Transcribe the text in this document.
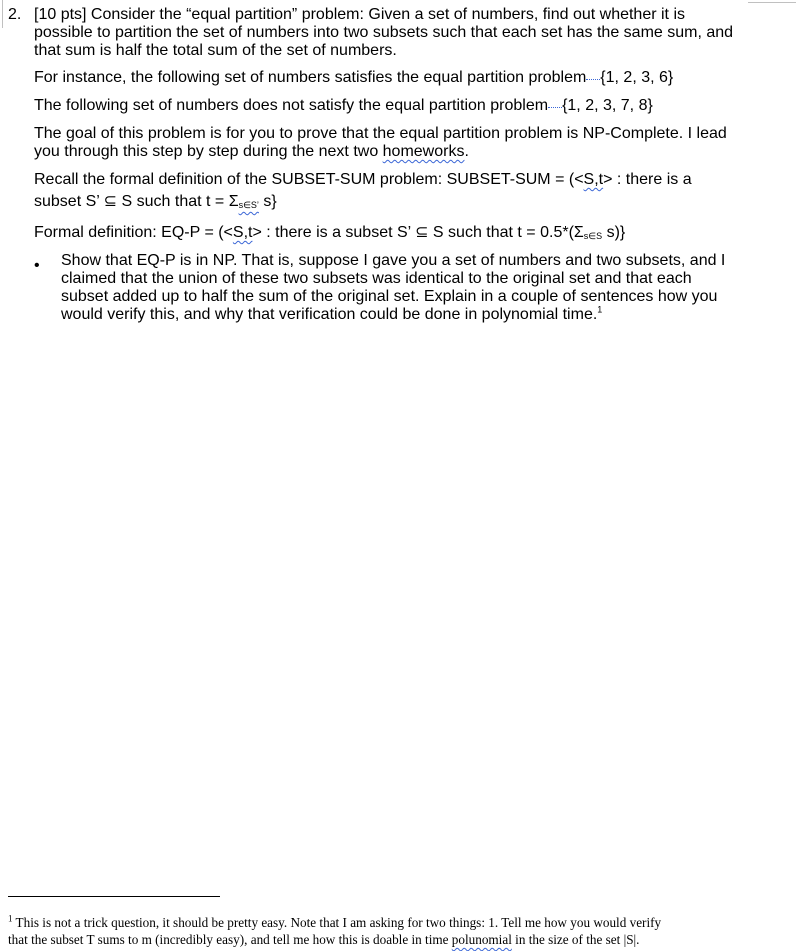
2. [10 pts] Consider the “equal partition” problem: Given a set of numbers, find out whether it is
possible to partition the set of numbers into two subsets such that each set has the same sum, and
that sum is half the total sum of the set of numbers.
For instance, the following set of numbers satisfies the equal partition problem {1, 2, 3, 6}
The following set of numbers does not satisfy the equal partition problem {1, 2, 3, 7, 8}
The goal of this problem is for you to prove that the equal partition problem is NP-Complete. I lead
you through this step by step during the next two homeworks.
Recall the formal definition of the SUBSET-SUM problem: SUBSET-SUM = (<S,t> : there is a
subset S’ ⊆ S such that t = Σs∈S’ s}
Formal definition: EQ-P = (<S,t> : there is a subset S’ ⊆ S such that t = 0.5*(Σs∈S s)}
•	Show that EQ-P is in NP. That is, suppose I gave you a set of numbers and two subsets, and I
claimed that the union of these two subsets was identical to the original set and that each
subset added up to half the sum of the original set. Explain in a couple of sentences how you
would verify this, and why that verification could be done in polynomial time.$^1$
$^1$ This is not a trick question, it should be pretty easy. Note that I am asking for two things: 1. Tell me how you would verify
that the subset T sums to m (incredibly easy), and tell me how this is doable in time polunomial in the size of the set |S|.
